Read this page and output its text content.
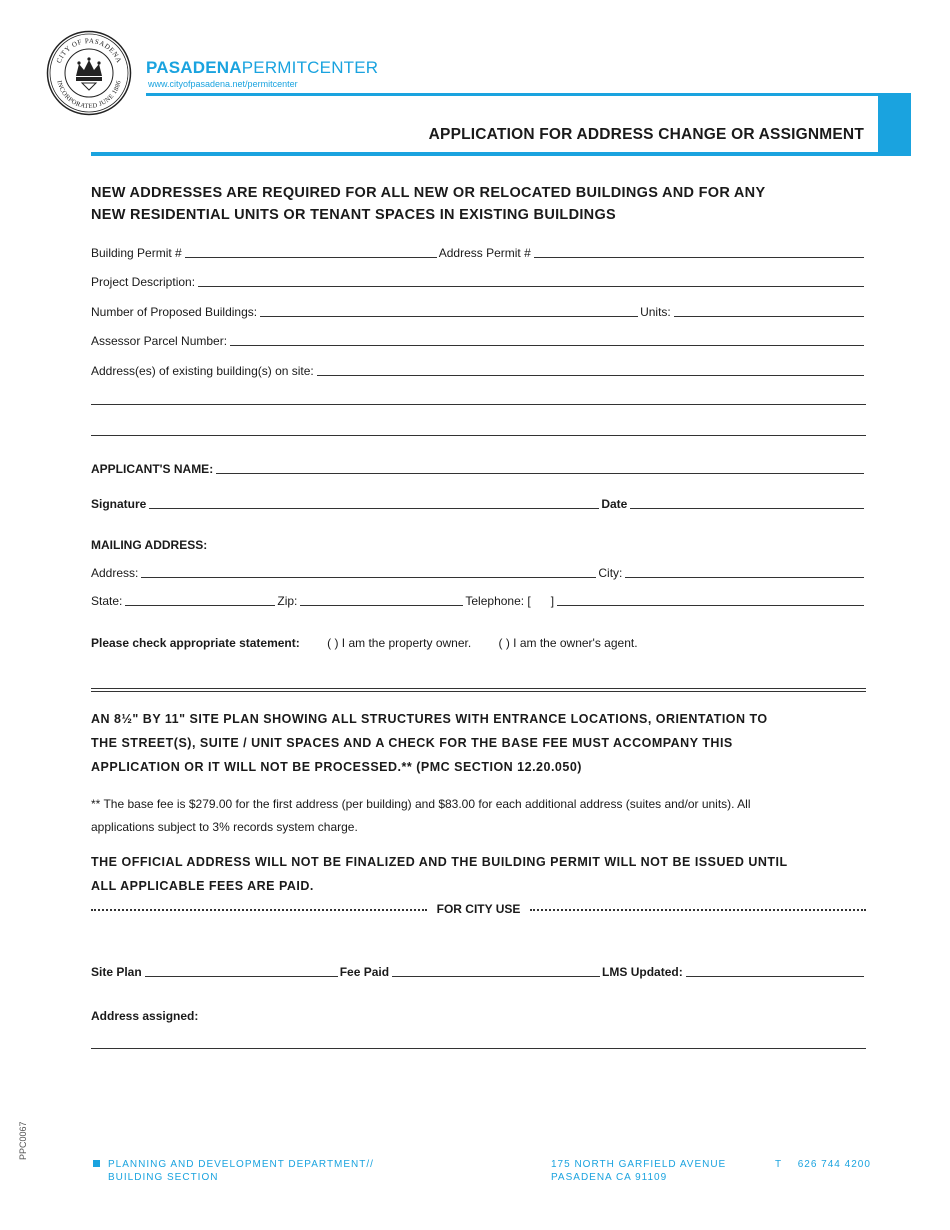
CITY OF PASADENA
INCORPORATED JUNE 1886
PASADENAPERMITCENTER
www.cityofpasadena.net/permitcenter
APPLICATION FOR ADDRESS CHANGE OR ASSIGNMENT
NEW ADDRESSES ARE REQUIRED FOR ALL NEW OR RELOCATED BUILDINGS AND FOR ANY
NEW RESIDENTIAL UNITS OR TENANT SPACES IN EXISTING BUILDINGS
Building Permit #	Address Permit #
Project Description:
Number of Proposed Buildings:	Units:
Assessor Parcel Number:
Address(es) of existing building(s) on site:
APPLICANT'S NAME:
Signature	Date
MAILING ADDRESS:
Address:	City:
State:	Zip:	Telephone: [ ]
Please check appropriate statement: ( ) I am the property owner. ( ) I am the owner's agent.
AN 8½" BY 11" SITE PLAN SHOWING ALL STRUCTURES WITH ENTRANCE LOCATIONS, ORIENTATION TO
THE STREET(S), SUITE / UNIT SPACES AND A CHECK FOR THE BASE FEE MUST ACCOMPANY THIS
APPLICATION OR IT WILL NOT BE PROCESSED.** (PMC SECTION 12.20.050)
** The base fee is $279.00 for the first address (per building) and $83.00 for each additional address (suites and/or units). All
applications subject to 3% records system charge.
THE OFFICIAL ADDRESS WILL NOT BE FINALIZED AND THE BUILDING PERMIT WILL NOT BE ISSUED UNTIL
ALL APPLICABLE FEES ARE PAID.
FOR CITY USE
Site Plan	Fee Paid	LMS Updated:
Address assigned:
PPC0067
PLANNING AND DEVELOPMENT DEPARTMENT//
BUILDING SECTION
175 NORTH GARFIELD AVENUE
PASADENA CA 91109
T 626 744 4200
